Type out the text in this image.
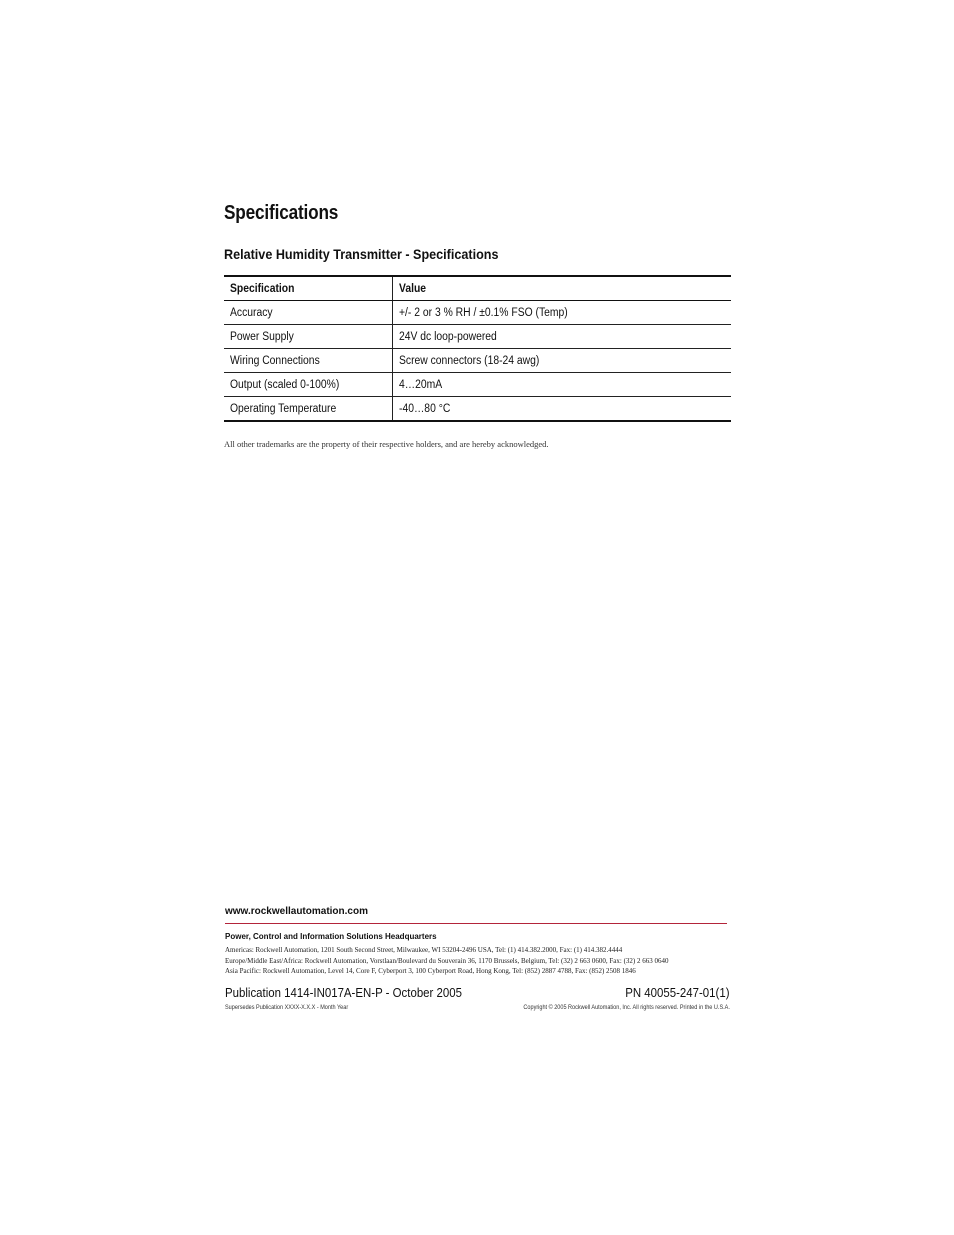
Specifications
Relative Humidity Transmitter - Specifications
Specification	Value
Accuracy	+/- 2 or 3 % RH / ±0.1% FSO (Temp)
Power Supply	24V dc loop-powered
Wiring Connections	Screw connectors (18-24 awg)
Output (scaled 0-100%)	4…20mA
Operating Temperature	-40…80 °C
All other trademarks are the property of their respective holders, and are hereby acknowledged.
www.rockwellautomation.com
Power, Control and Information Solutions Headquarters
Americas: Rockwell Automation, 1201 South Second Street, Milwaukee, WI 53204-2496 USA, Tel: (1) 414.382.2000, Fax: (1) 414.382.4444
Europe/Middle East/Africa: Rockwell Automation, Vorstlaan/Boulevard du Souverain 36, 1170 Brussels, Belgium, Tel: (32) 2 663 0600, Fax: (32) 2 663 0640
Asia Pacific: Rockwell Automation, Level 14, Core F, Cyberport 3, 100 Cyberport Road, Hong Kong, Tel: (852) 2887 4788, Fax: (852) 2508 1846
Publication 1414-IN017A-EN-P - October 2005	PN 40055-247-01(1)
Supersedes Publication XXXX-X.X.X - Month Year	Copyright © 2005 Rockwell Automation, Inc. All rights reserved. Printed in the U.S.A.
